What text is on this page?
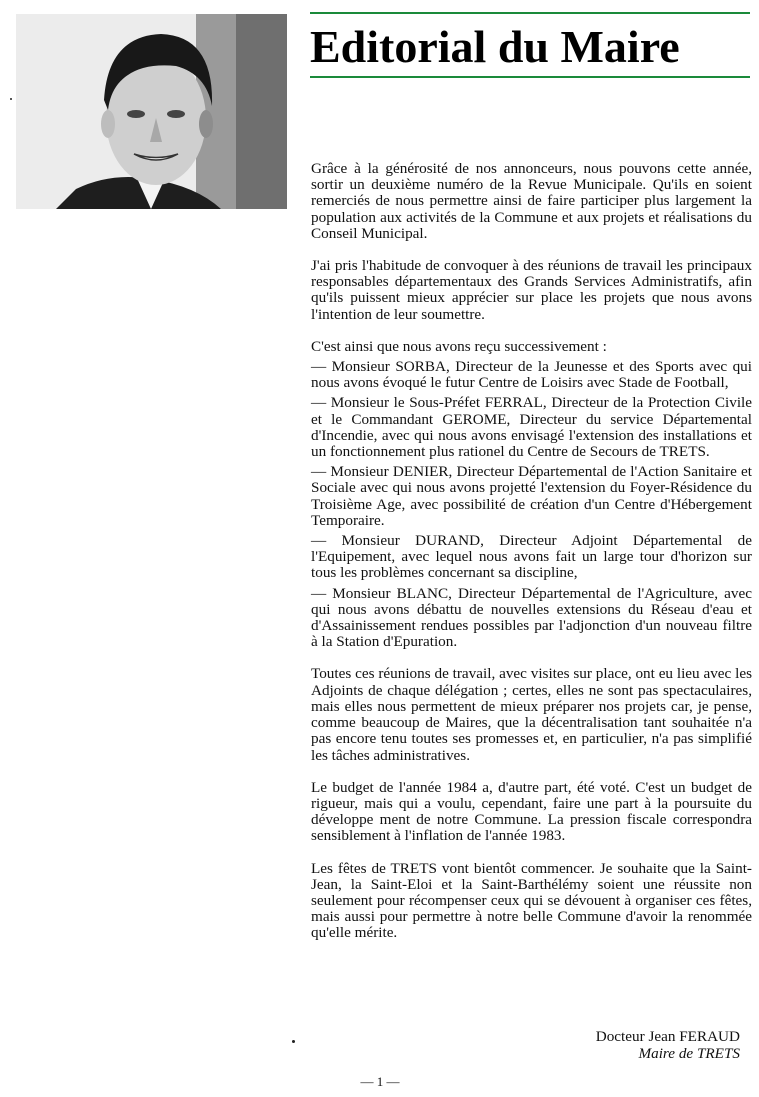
Editorial du Maire

Grâce à la générosité de nos annonceurs, nous pouvons cette année, sortir un deuxième numéro de la Revue Municipale. Qu'ils en soient remerciés de nous permettre ainsi de faire participer plus largement la population aux activités de la Commune et aux projets et réalisations du Conseil Municipal.

J'ai pris l'habitude de convoquer à des réunions de travail les principaux responsables départementaux des Grands Services Administratifs, afin qu'ils puissent mieux apprécier sur place les projets que nous avons l'intention de leur soumettre.

C'est ainsi que nous avons reçu successivement :

— Monsieur SORBA, Directeur de la Jeunesse et des Sports avec qui nous avons évoqué le futur Centre de Loisirs avec Stade de Football,

— Monsieur le Sous-Préfet FERRAL, Directeur de la Protection Civile et le Commandant GEROME, Directeur du service Départemental d'Incendie, avec qui nous avons envisagé l'extension des installations et un fonctionnement plus rationel du Centre de Secours de TRETS.

— Monsieur DENIER, Directeur Départemental de l'Action Sanitaire et Sociale avec qui nous avons projetté l'extension du Foyer-Résidence du Troisième Age, avec possibilité de création d'un Centre d'Hébergement Temporaire.

— Monsieur DURAND, Directeur Adjoint Départemental de l'Equipement, avec lequel nous avons fait un large tour d'horizon sur tous les problèmes concernant sa discipline,

— Monsieur BLANC, Directeur Départemental de l'Agriculture, avec qui nous avons débattu de nouvelles extensions du Réseau d'eau et d'Assainissement rendues possibles par l'adjonction d'un nouveau filtre à la Station d'Epuration.

Toutes ces réunions de travail, avec visites sur place, ont eu lieu avec les Adjoints de chaque délégation ; certes, elles ne sont pas spectaculaires, mais elles nous permettent de mieux préparer nos projets car, je pense, comme beaucoup de Maires, que la décentralisation tant souhaitée n'a pas encore tenu toutes ses promesses et, en particulier, n'a pas simplifié les tâches administratives.

Le budget de l'année 1984 a, d'autre part, été voté. C'est un budget de rigueur, mais qui a voulu, cependant, faire une part à la poursuite du développe ment de notre Commune. La pression fiscale correspondra sensiblement à l'inflation de l'année 1983.

Les fêtes de TRETS vont bientôt commencer. Je souhaite que la Saint-Jean, la Saint-Eloi et la Saint-Barthélémy soient une réussite non seulement pour récompenser ceux qui se dévouent à organiser ces fêtes, mais aussi pour permettre à notre belle Commune d'avoir la renommée qu'elle mérite.

Docteur Jean FERAUD
Maire de TRETS
— 1 —
